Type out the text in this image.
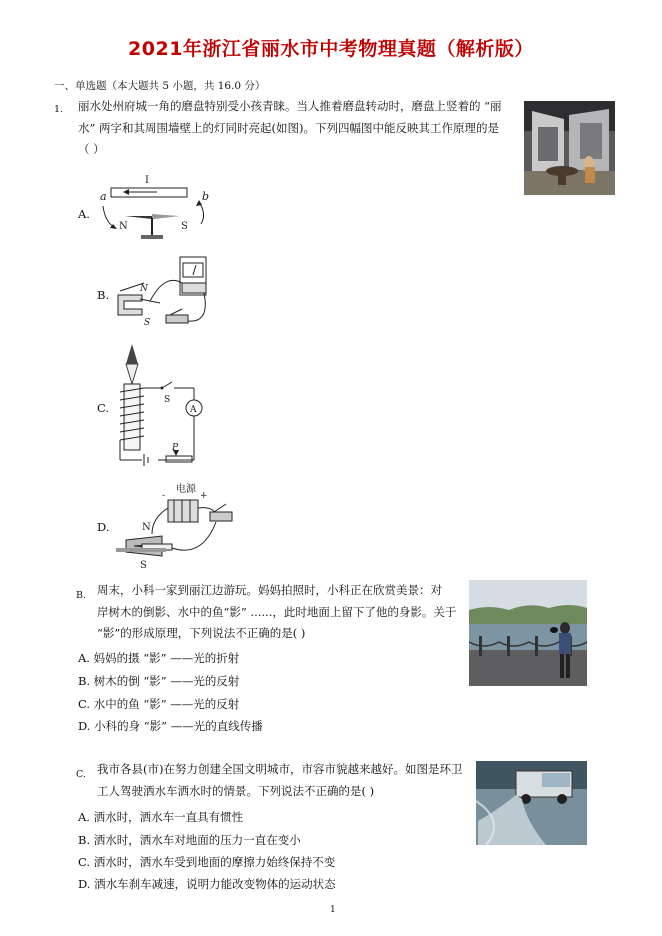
2021年浙江省丽水市中考物理真题（解析版）
一、单选题（本大题共 5 小题，共 16.0 分）
1. 丽水处州府城一角的磨盘特别受小孩青睐。当人推着磨盘转动时，磨盘上竖着的 “丽
水” 两字和其周围墙壁上的灯同时亮起(如图)。下列四幅图中能反映其工作原理的是
（ ）
A.
I
a	b
N	S
B.	N
S
C.
S
A
P
D.
电源
-	+
N
S
B. 周末，小科一家到丽江边游玩。妈妈拍照时，小科正在欣赏美景：对
岸树木的倒影、水中的鱼“影” ......，此时地面上留下了他的身影。关于
“影”的形成原理，下列说法不正确的是( )
A. 妈妈的摄 “影” ——光的折射
B. 树木的倒 “影” ——光的反射
C. 水中的鱼 “影” ——光的反射
D. 小科的身 “影” ——光的直线传播
C. 我市各县(市)在努力创建全国文明城市，市容市貌越来越好。如图是环卫
工人驾驶洒水车洒水时的情景。下列说法不正确的是( )
A. 洒水时，洒水车一直具有惯性
B. 洒水时，洒水车对地面的压力一直在变小
C. 洒水时，洒水车受到地面的摩擦力始终保持不变
D. 洒水车刹车减速，说明力能改变物体的运动状态
1
